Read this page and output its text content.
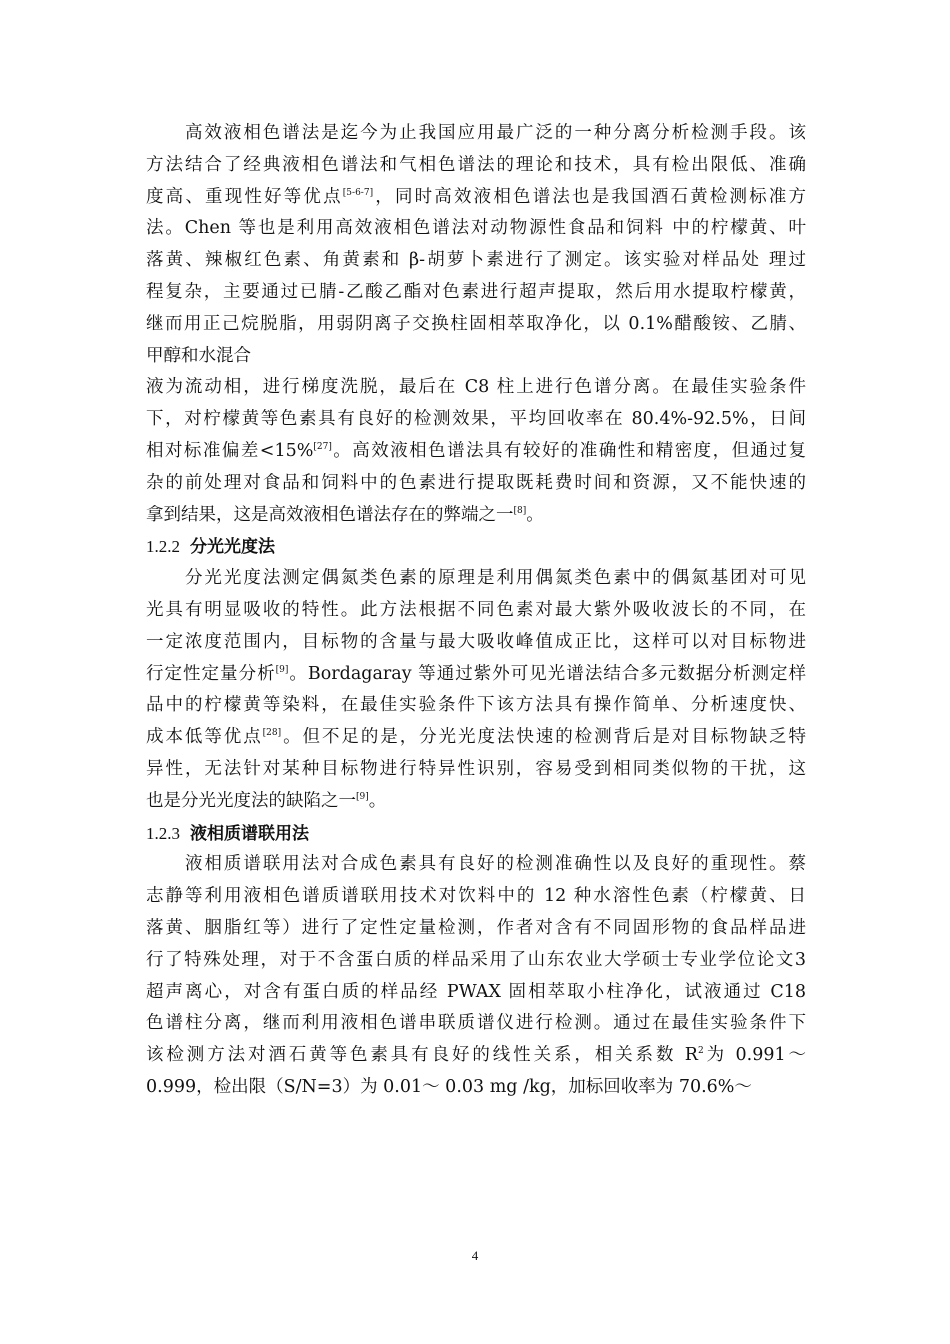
　　高效液相色谱法是迄今为止我国应用最广泛的一种分离分析检测手段。该
方法结合了经典液相色谱法和气相色谱法的理论和技术，具有检出限低、准确
度高、重现性好等优点[5-6-7]，同时高效液相色谱法也是我国酒石黄检测标准方
法。Chen 等也是利用高效液相色谱法对动物源性食品和饲料 中的柠檬黄、叶
落黄、辣椒红色素、角黄素和 β-胡萝卜素进行了测定。该实验对样品处 理过
程复杂，主要通过已腈-乙酸乙酯对色素进行超声提取，然后用水提取柠檬黄，
继而用正己烷脱脂，用弱阴离子交换柱固相萃取净化，以 0.1%醋酸铵、乙腈、
甲醇和水混合
液为流动相，进行梯度洗脱，最后在 C8 柱上进行色谱分离。在最佳实验条件
下，对柠檬黄等色素具有良好的检测效果，平均回收率在 80.4%-92.5%，日间
相对标准偏差<15%[27]。高效液相色谱法具有较好的准确性和精密度，但通过复
杂的前处理对食品和饲料中的色素进行提取既耗费时间和资源，又不能快速的
拿到结果，这是高效液相色谱法存在的弊端之一[8]。
1.2.2 分光光度法
　　分光光度法测定偶氮类色素的原理是利用偶氮类色素中的偶氮基团对可见
光具有明显吸收的特性。此方法根据不同色素对最大紫外吸收波长的不同，在
一定浓度范围内，目标物的含量与最大吸收峰值成正比，这样可以对目标物进
行定性定量分析[9]。Bordagaray 等通过紫外可见光谱法结合多元数据分析测定样
品中的柠檬黄等染料，在最佳实验条件下该方法具有操作简单、分析速度快、
成本低等优点[28]。但不足的是，分光光度法快速的检测背后是对目标物缺乏特
异性，无法针对某种目标物进行特异性识别，容易受到相同类似物的干扰，这
也是分光光度法的缺陷之一[9]。
1.2.3 液相质谱联用法
　　液相质谱联用法对合成色素具有良好的检测准确性以及良好的重现性。蔡
志静等利用液相色谱质谱联用技术对饮料中的 12 种水溶性色素（柠檬黄、日
落黄、胭脂红等）进行了定性定量检测，作者对含有不同固形物的食品样品进
行了特殊处理，对于不含蛋白质的样品采用了山东农业大学硕士专业学位论文3
超声离心，对含有蛋白质的样品经 PWAX 固相萃取小柱净化，试液通过 C18
色谱柱分离，继而利用液相色谱串联质谱仪进行检测。通过在最佳实验条件下
该检测方法对酒石黄等色素具有良好的线性关系，相关系数 $R^2$为 0.991～
0.999，检出限（S/N=3）为 0.01～ 0.03 mg /kg，加标回收率为 70.6%～
4
